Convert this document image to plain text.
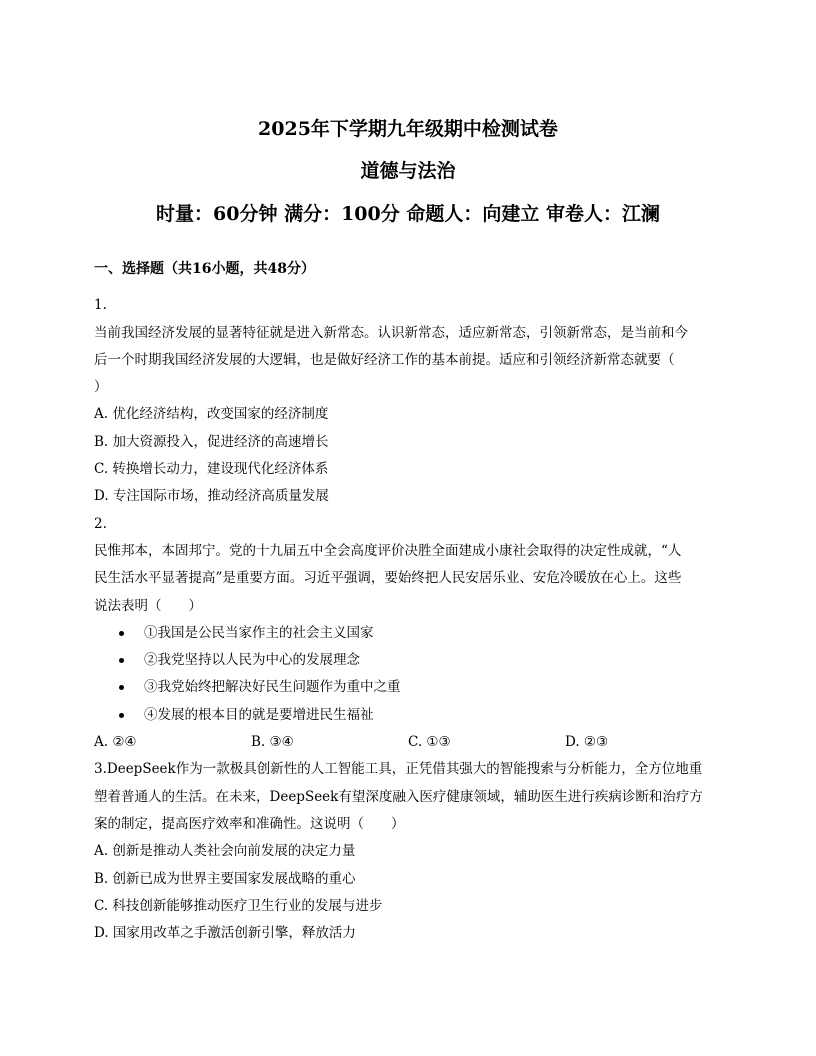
2025年下学期九年级期中检测试卷
道德与法治
时量：60分钟 满分：100分 命题人：向建立 审卷人：江澜
一、选择题（共16小题，共48分）
1.
当前我国经济发展的显著特征就是进入新常态。认识新常态，适应新常态，引领新常态，是当前和今
后一个时期我国经济发展的大逻辑，也是做好经济工作的基本前提。适应和引领经济新常态就要（
）
A. 优化经济结构，改变国家的经济制度
B. 加大资源投入，促进经济的高速增长
C. 转换增长动力，建设现代化经济体系
D. 专注国际市场，推动经济高质量发展
2.
民惟邦本，本固邦宁。党的十九届五中全会高度评价决胜全面建成小康社会取得的决定性成就，“人
民生活水平显著提高”是重要方面。习近平强调，要始终把人民安居乐业、安危冷暖放在心上。这些
说法表明（　　）
①我国是公民当家作主的社会主义国家
②我党坚持以人民为中心的发展理念
③我党始终把解决好民生问题作为重中之重
④发展的根本目的就是要增进民生福祉
A. ②④	B. ③④	C. ①③	D. ②③
3.DeepSeek作为一款极具创新性的人工智能工具，正凭借其强大的智能搜索与分析能力，全方位地重
塑着普通人的生活。在未来，DeepSeek有望深度融入医疗健康领域，辅助医生进行疾病诊断和治疗方
案的制定，提高医疗效率和准确性。这说明（　　）
A. 创新是推动人类社会向前发展的决定力量
B. 创新已成为世界主要国家发展战略的重心
C. 科技创新能够推动医疗卫生行业的发展与进步
D. 国家用改革之手激活创新引擎，释放活力
